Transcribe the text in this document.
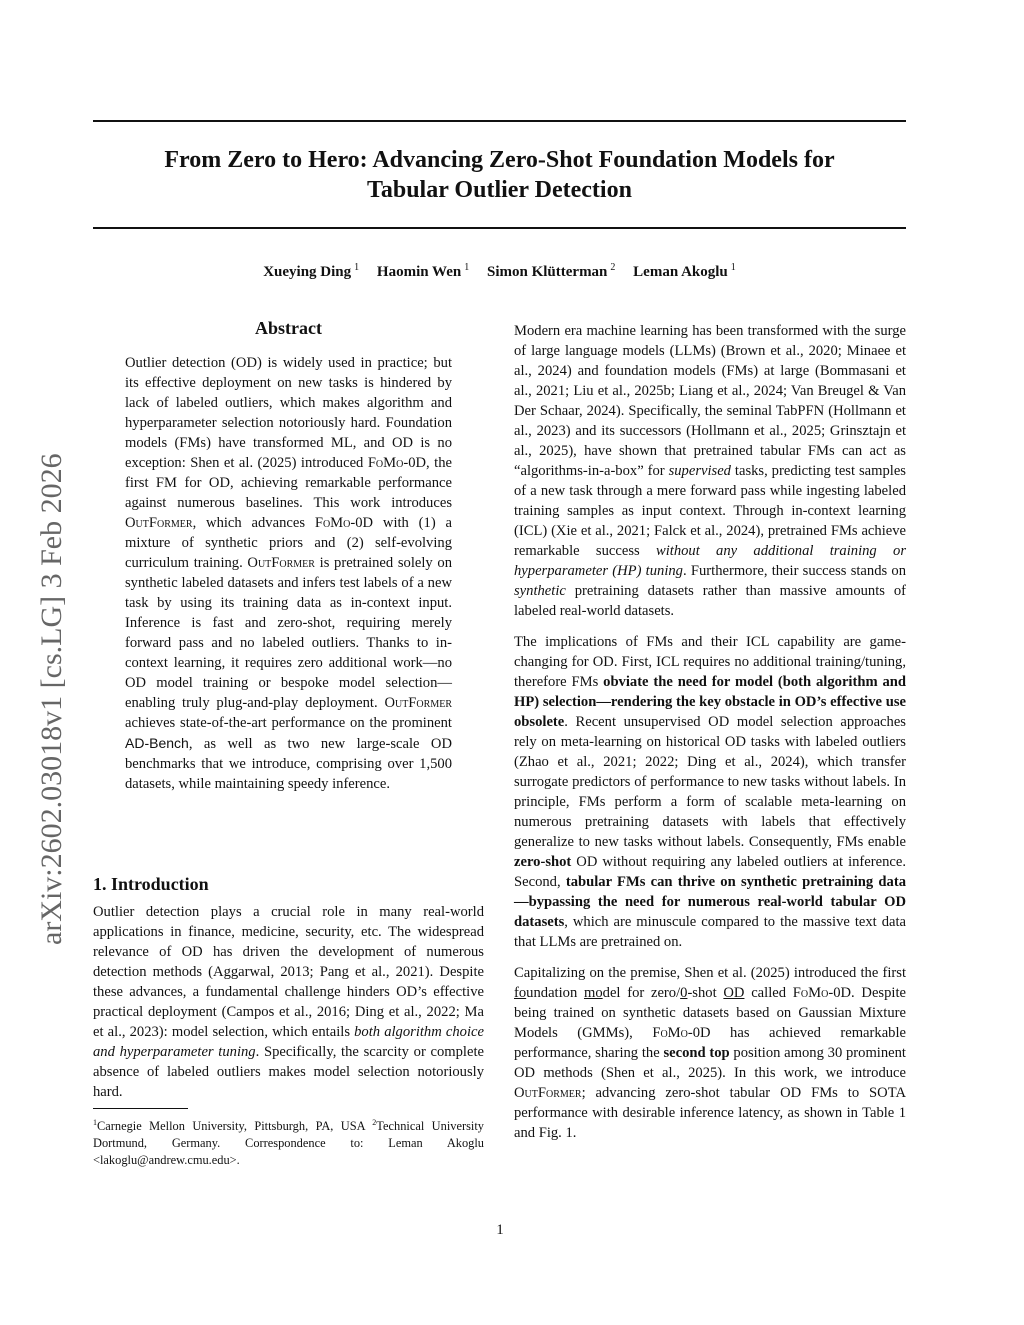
From Zero to Hero: Advancing Zero-Shot Foundation Models for
Tabular Outlier Detection
Xueying Ding $^1$ Haomin Wen $^1$ Simon Klütterman $^2$ Leman Akoglu $^1$
arXiv:2602.03018v1 [cs.LG] 3 Feb 2026
Abstract
Outlier detection (OD) is widely used in practice; but its effective deployment on new tasks is hindered by lack of labeled outliers, which makes algorithm and hyperparameter selection notoriously hard. Foundation models (FMs) have transformed ML, and OD is no exception: Shen et al. (2025) introduced FoMo-0D, the first FM for OD, achieving remarkable performance against numerous baselines. This work introduces OutFormer, which advances FoMo-0D with (1) a mixture of synthetic priors and (2) self-evolving curriculum training. OutFormer is pretrained solely on synthetic labeled datasets and infers test labels of a new task by using its training data as in-context input. Inference is fast and zero-shot, requiring merely forward pass and no labeled outliers. Thanks to in-context learning, it requires zero additional work—no OD model training or bespoke model selection—enabling truly plug-and-play deployment. OutFormer achieves state-of-the-art performance on the prominent AD-Bench, as well as two new large-scale OD benchmarks that we introduce, comprising over 1,500 datasets, while maintaining speedy inference.
1. Introduction

Outlier detection plays a crucial role in many real-world applications in finance, medicine, security, etc. The widespread relevance of OD has driven the development of numerous detection methods (Aggarwal, 2013; Pang et al., 2021). Despite these advances, a fundamental challenge hinders OD’s effective practical deployment (Campos et al., 2016; Ding et al., 2022; Ma et al., 2023): model selection, which entails both algorithm choice and hyperparameter tuning. Specifically, the scarcity or complete absence of labeled outliers makes model selection notoriously hard.

$^1$Carnegie Mellon University, Pittsburgh, PA, USA $^2$Technical University Dortmund, Germany. Correspondence to: Leman Akoglu <lakoglu@andrew.cmu.edu>.

Modern era machine learning has been transformed with the surge of large language models (LLMs) (Brown et al., 2020; Minaee et al., 2024) and foundation models (FMs) at large (Bommasani et al., 2021; Liu et al., 2025b; Liang et al., 2024; Van Breugel & Van Der Schaar, 2024). Specifically, the seminal TabPFN (Hollmann et al., 2023) and its successors (Hollmann et al., 2025; Grinsztajn et al., 2025), have shown that pretrained tabular FMs can act as “algorithms-in-a-box” for supervised tasks, predicting test samples of a new task through a mere forward pass while ingesting labeled training samples as input context. Through in-context learning (ICL) (Xie et al., 2021; Falck et al., 2024), pretrained FMs achieve remarkable success without any additional training or hyperparameter (HP) tuning. Furthermore, their success stands on synthetic pretraining datasets rather than massive amounts of labeled real-world datasets.

The implications of FMs and their ICL capability are game-changing for OD. First, ICL requires no additional training/tuning, therefore FMs obviate the need for model (both algorithm and HP) selection—rendering the key obstacle in OD’s effective use obsolete. Recent unsupervised OD model selection approaches rely on meta-learning on historical OD tasks with labeled outliers (Zhao et al., 2021; 2022; Ding et al., 2024), which transfer surrogate predictors of performance to new tasks without labels. In principle, FMs perform a form of scalable meta-learning on numerous pretraining datasets with labels that effectively generalize to new tasks without labels. Consequently, FMs enable zero-shot OD without requiring any labeled outliers at inference. Second, tabular FMs can thrive on synthetic pretraining data—bypassing the need for numerous real-world tabular OD datasets, which are minuscule compared to the massive text data that LLMs are pretrained on.

Capitalizing on the premise, Shen et al. (2025) introduced the first foundation model for zero/0-shot OD called FoMo-0D. Despite being trained on synthetic datasets based on Gaussian Mixture Models (GMMs), FoMo-0D has achieved remarkable performance, sharing the second top position among 30 prominent OD methods (Shen et al., 2025). In this work, we introduce OutFormer; advancing zero-shot tabular OD FMs to SOTA performance with desirable inference latency, as shown in Table 1 and Fig. 1.

1
